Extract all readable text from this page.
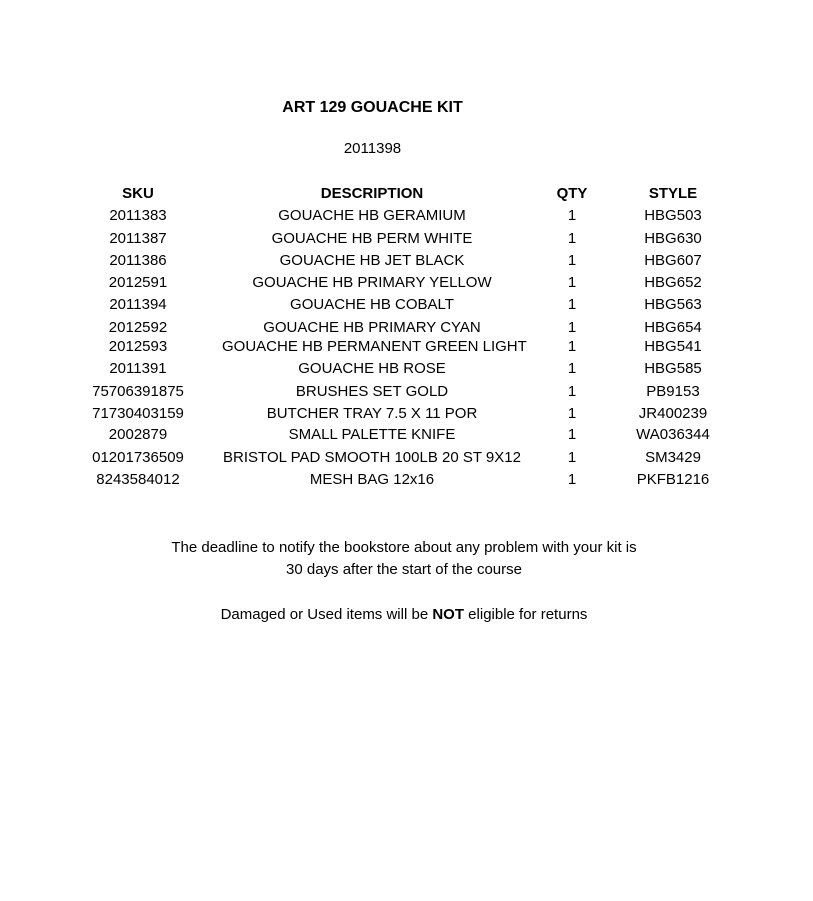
ART 129 GOUACHE KIT
2011398
SKU	DESCRIPTION	QTY	STYLE
2011383	GOUACHE HB GERAMIUM	1	HBG503
2011387	GOUACHE HB PERM WHITE	1	HBG630
2011386	GOUACHE HB JET BLACK	1	HBG607
2012591	GOUACHE HB PRIMARY YELLOW	1	HBG652
2011394	GOUACHE HB COBALT	1	HBG563
2012592	GOUACHE HB PRIMARY CYAN	1	HBG654
2012593	GOUACHE HB PERMANENT GREEN LIGHT	1	HBG541
2011391	GOUACHE HB ROSE	1	HBG585
75706391875	BRUSHES SET GOLD	1	PB9153
71730403159	BUTCHER TRAY 7.5 X 11 POR	1	JR400239
2002879	SMALL PALETTE KNIFE	1	WA036344
01201736509	BRISTOL PAD SMOOTH 100LB 20 ST 9X12	1	SM3429
8243584012	MESH BAG 12x16	1	PKFB1216
The deadline to notify the bookstore about any problem with your kit is
30 days after the start of the course
Damaged or Used items will be NOT eligible for returns
